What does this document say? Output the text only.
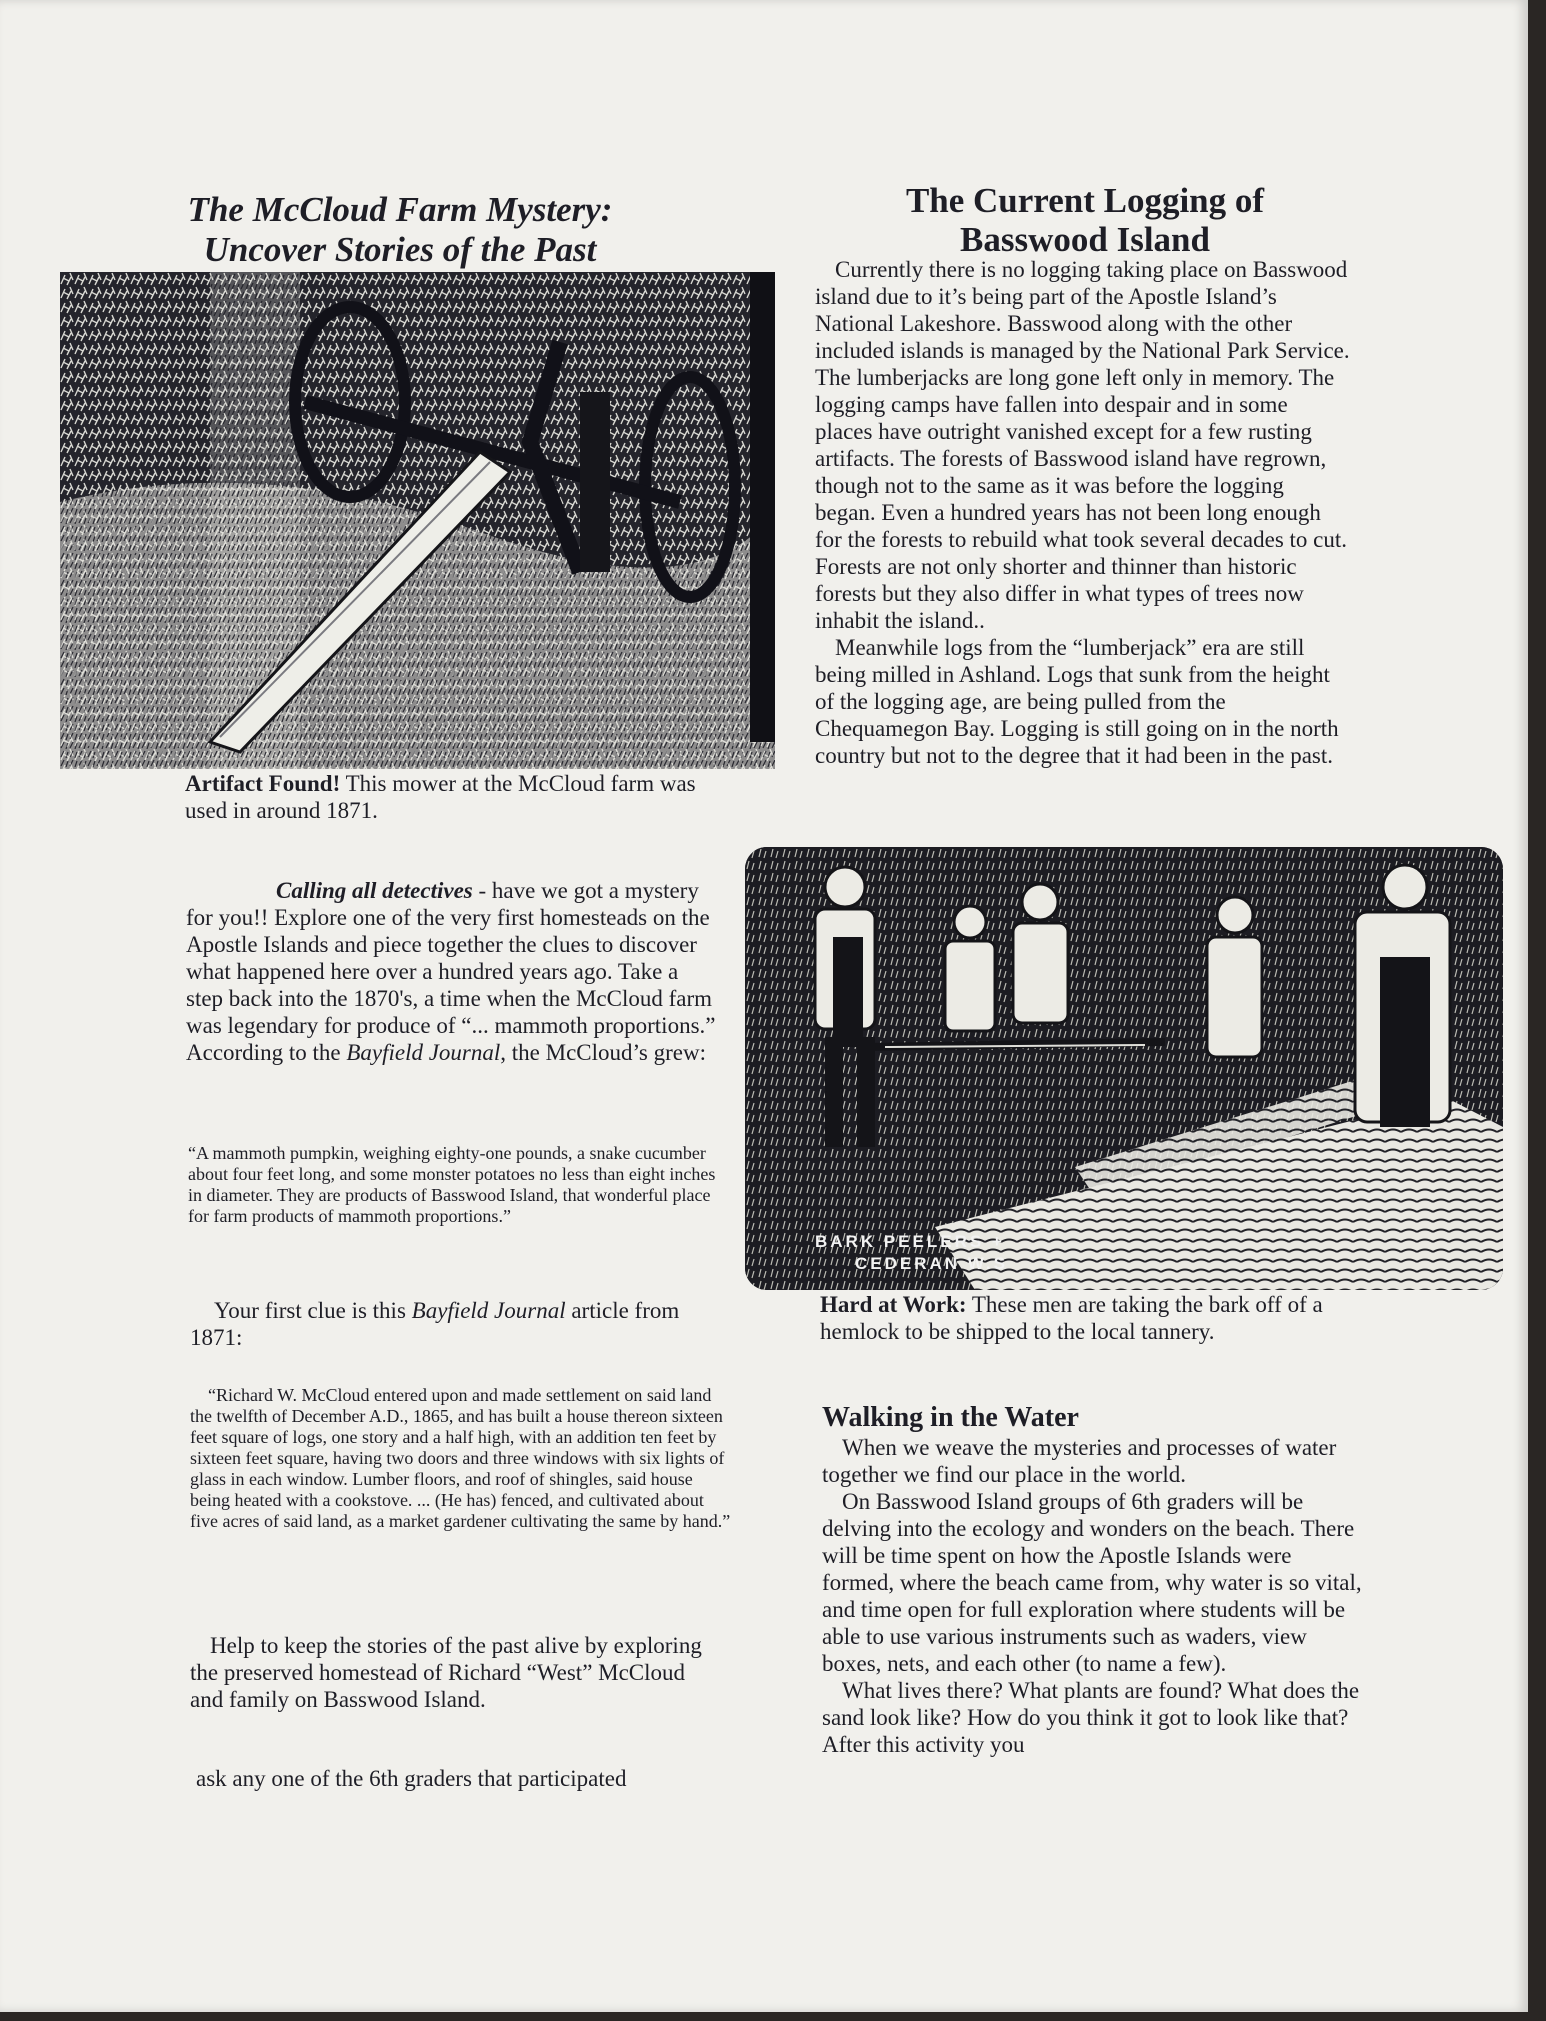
The McCloud Farm Mystery:
Uncover Stories of the Past
Artifact Found! This mower at the McCloud farm was used in around 1871.
Calling all detectives - have we got a mystery for you!! Explore one of the very first homesteads on the Apostle Islands and piece together the clues to discover what happened here over a hundred years ago. Take a step back into the 1870's, a time when the McCloud farm was legendary for produce of “... mammoth proportions.” According to the Bayfield Journal, the McCloud’s grew:
“A mammoth pumpkin, weighing eighty-one pounds, a snake cucumber about four feet long, and some monster potatoes no less than eight inches in diameter. They are products of Basswood Island, that wonderful place for farm products of mammoth proportions.”
Your first clue is this Bayfield Journal article from 1871:
“Richard W. McCloud entered upon and made settlement on said land the twelfth of December A.D., 1865, and has built a house thereon sixteen feet square of logs, one story and a half high, with an addition ten feet by sixteen feet square, having two doors and three windows with six lights of glass in each window. Lumber floors, and roof of shingles, said house being heated with a cookstove. ... (He has) fenced, and cultivated about five acres of said land, as a market gardener cultivating the same by hand.”
Help to keep the stories of the past alive by exploring the preserved homestead of Richard “West” McCloud and family on Basswood Island.
ask any one of the 6th graders that participated
The Current Logging of
Basswood Island

Currently there is no logging taking place on Basswood island due to it’s being part of the Apostle Island’s National Lakeshore. Basswood along with the other included islands is managed by the National Park Service. The lumberjacks are long gone left only in memory. The logging camps have fallen into despair and in some places have outright vanished except for a few rusting artifacts. The forests of Basswood island have regrown, though not to the same as it was before the logging began. Even a hundred years has not been long enough for the forests to rebuild what took several decades to cut. Forests are not only shorter and thinner than historic forests but they also differ in what types of trees now inhabit the island..

Meanwhile logs from the “lumberjack” era are still being milled in Ashland. Logs that sunk from the height of the logging age, are being pulled from the Chequamegon Bay. Logging is still going on in the north country but not to the degree that it had been in the past.

BARK PEELERS +
CEDERAN W.S
Hard at Work: These men are taking the bark off of a hemlock to be shipped to the local tannery.
Walking in the Water

When we weave the mysteries and processes of water together we find our place in the world.

On Basswood Island groups of 6th graders will be delving into the ecology and wonders on the beach. There will be time spent on how the Apostle Islands were formed, where the beach came from, why water is so vital, and time open for full exploration where students will be able to use various instruments such as waders, view boxes, nets, and each other (to name a few).

What lives there? What plants are found? What does the sand look like? How do you think it got to look like that? After this activity you
